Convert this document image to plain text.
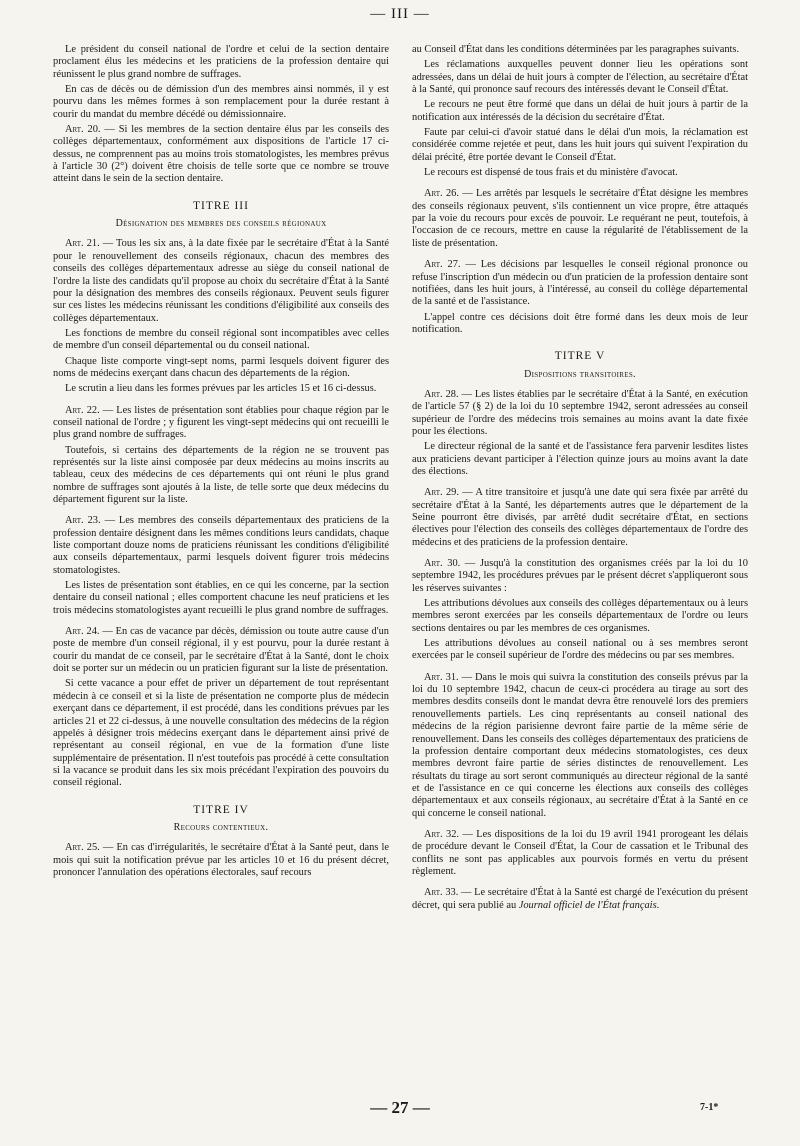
— III —

Le président du conseil national de l'ordre et celui de la section dentaire proclament élus les médecins et les praticiens de la profession dentaire qui réunissent le plus grand nombre de suffrages.

En cas de décès ou de démission d'un des membres ainsi nommés, il y est pourvu dans les mêmes formes à son remplacement pour la durée restant à courir du mandat du membre décédé ou démissionnaire.

Art. 20. — Si les membres de la section dentaire élus par les conseils des collèges départementaux, conformément aux dispositions de l'article 17 ci-dessus, ne comprennent pas au moins trois stomatologistes, les membres prévus à l'article 30 (2°) doivent être choisis de telle sorte que ce nombre se trouve atteint dans le sein de la section dentaire.

TITRE III
Désignation des membres des conseils régionaux

Art. 21. — Tous les six ans, à la date fixée par le secrétaire d'État à la Santé pour le renouvellement des conseils régionaux, chacun des membres des conseils des collèges départementaux adresse au siège du conseil national de l'ordre la liste des candidats qu'il propose au choix du secrétaire d'État à la Santé pour la désignation des membres des conseils régionaux. Peuvent seuls figurer sur ces listes les médecins réunissant les conditions d'éligibilité aux conseils des collèges départementaux.

Les fonctions de membre du conseil régional sont incompatibles avec celles de membre d'un conseil départemental ou du conseil national.

Chaque liste comporte vingt-sept noms, parmi lesquels doivent figurer des noms de médecins exerçant dans chacun des départements de la région.

Le scrutin a lieu dans les formes prévues par les articles 15 et 16 ci-dessus.

Art. 22. — Les listes de présentation sont établies pour chaque région par le conseil national de l'ordre ; y figurent les vingt-sept médecins qui ont recueilli le plus grand nombre de suffrages.

Toutefois, si certains des départements de la région ne se trouvent pas représentés sur la liste ainsi composée par deux médecins au moins inscrits au tableau, ceux des médecins de ces départements qui ont réuni le plus grand nombre de suffrages sont ajoutés à la liste, de telle sorte que deux médecins du département figurent sur la liste.

Art. 23. — Les membres des conseils départementaux des praticiens de la profession dentaire désignent dans les mêmes conditions leurs candidats, chaque liste comportant douze noms de praticiens réunissant les conditions d'éligibilité aux conseils départementaux, parmi lesquels doivent figurer trois médecins stomatologistes.

Les listes de présentation sont établies, en ce qui les concerne, par la section dentaire du conseil national ; elles comportent chacune les neuf praticiens et les trois médecins stomatologistes ayant recueilli le plus grand nombre de suffrages.

Art. 24. — En cas de vacance par décès, démission ou toute autre cause d'un poste de membre d'un conseil régional, il y est pourvu, pour la durée restant à courir du mandat de ce conseil, par le secrétaire d'État à la Santé, dont le choix doit se porter sur un médecin ou un praticien figurant sur la liste de présentation.

Si cette vacance a pour effet de priver un département de tout représentant médecin à ce conseil et si la liste de présentation ne comporte plus de médecin exerçant dans ce département, il est procédé, dans les conditions prévues par les articles 21 et 22 ci-dessus, à une nouvelle consultation des médecins de la région appelés à désigner trois médecins exerçant dans le département ainsi privé de représentant au conseil régional, en vue de la formation d'une liste supplémentaire de présentation. Il n'est toutefois pas procédé à cette consultation si la vacance se produit dans les six mois précédant l'expiration des pouvoirs du conseil régional.

TITRE IV
Recours contentieux.

Art. 25. — En cas d'irrégularités, le secrétaire d'État à la Santé peut, dans le mois qui suit la notification prévue par les articles 10 et 16 du présent décret, prononcer l'annulation des opérations électorales, sauf recours

au Conseil d'État dans les conditions déterminées par les paragraphes suivants.

Les réclamations auxquelles peuvent donner lieu les opérations sont adressées, dans un délai de huit jours à compter de l'élection, au secrétaire d'État à la Santé, qui prononce sauf recours des intéressés devant le Conseil d'État.

Le recours ne peut être formé que dans un délai de huit jours à partir de la notification aux intéressés de la décision du secrétaire d'État.

Faute par celui-ci d'avoir statué dans le délai d'un mois, la réclamation est considérée comme rejetée et peut, dans les huit jours qui suivent l'expiration du délai précité, être portée devant le Conseil d'État.

Le recours est dispensé de tous frais et du ministère d'avocat.

Art. 26. — Les arrêtés par lesquels le secrétaire d'État désigne les membres des conseils régionaux peuvent, s'ils contiennent un vice propre, être attaqués par la voie du recours pour excès de pouvoir. Le requérant ne peut, toutefois, à l'occasion de ce recours, mettre en cause la régularité de l'établissement de la liste de présentation.

Art. 27. — Les décisions par lesquelles le conseil régional prononce ou refuse l'inscription d'un médecin ou d'un praticien de la profession dentaire sont notifiées, dans les huit jours, à l'intéressé, au conseil du collège départemental de la santé et de l'assistance.

L'appel contre ces décisions doit être formé dans les deux mois de leur notification.

TITRE V
Dispositions transitoires.

Art. 28. — Les listes établies par le secrétaire d'État à la Santé, en exécution de l'article 57 (§ 2) de la loi du 10 septembre 1942, seront adressées au conseil supérieur de l'ordre des médecins trois semaines au moins avant la date fixée pour les élections.

Le directeur régional de la santé et de l'assistance fera parvenir lesdites listes aux praticiens devant participer à l'élection quinze jours au moins avant la date des élections.

Art. 29. — A titre transitoire et jusqu'à une date qui sera fixée par arrêté du secrétaire d'État à la Santé, les départements autres que le département de la Seine pourront être divisés, par arrêté dudit secrétaire d'État, en sections électives pour l'élection des conseils des collèges départementaux de l'ordre des médecins et des praticiens de la profession dentaire.

Art. 30. — Jusqu'à la constitution des organismes créés par la loi du 10 septembre 1942, les procédures prévues par le présent décret s'appliqueront sous les réserves suivantes :

Les attributions dévolues aux conseils des collèges départementaux ou à leurs membres seront exercées par les conseils départementaux de l'ordre ou leurs sections dentaires ou par les membres de ces organismes.

Les attributions dévolues au conseil national ou à ses membres seront exercées par le conseil supérieur de l'ordre des médecins ou par ses membres.

Art. 31. — Dans le mois qui suivra la constitution des conseils prévus par la loi du 10 septembre 1942, chacun de ceux-ci procédera au tirage au sort des membres desdits conseils dont le mandat devra être renouvelé lors des premiers renouvellements partiels. Les cinq représentants au conseil national des médecins de la région parisienne devront faire partie de la même série de renouvellement. Dans les conseils des collèges départementaux des praticiens de la profession dentaire comportant deux médecins stomatologistes, ces deux membres devront faire partie de séries distinctes de renouvellement. Les résultats du tirage au sort seront communiqués au directeur régional de la santé et de l'assistance en ce qui concerne les élections aux conseils des collèges départementaux et aux conseils régionaux, au secrétaire d'État à la Santé en ce qui concerne le conseil national.

Art. 32. — Les dispositions de la loi du 19 avril 1941 prorogeant les délais de procédure devant le Conseil d'État, la Cour de cassation et le Tribunal des conflits ne sont pas applicables aux pourvois formés en vertu du présent règlement.

Art. 33. — Le secrétaire d'État à la Santé est chargé de l'exécution du présent décret, qui sera publié au Journal officiel de l'État français.

— 27 —	7-1*
